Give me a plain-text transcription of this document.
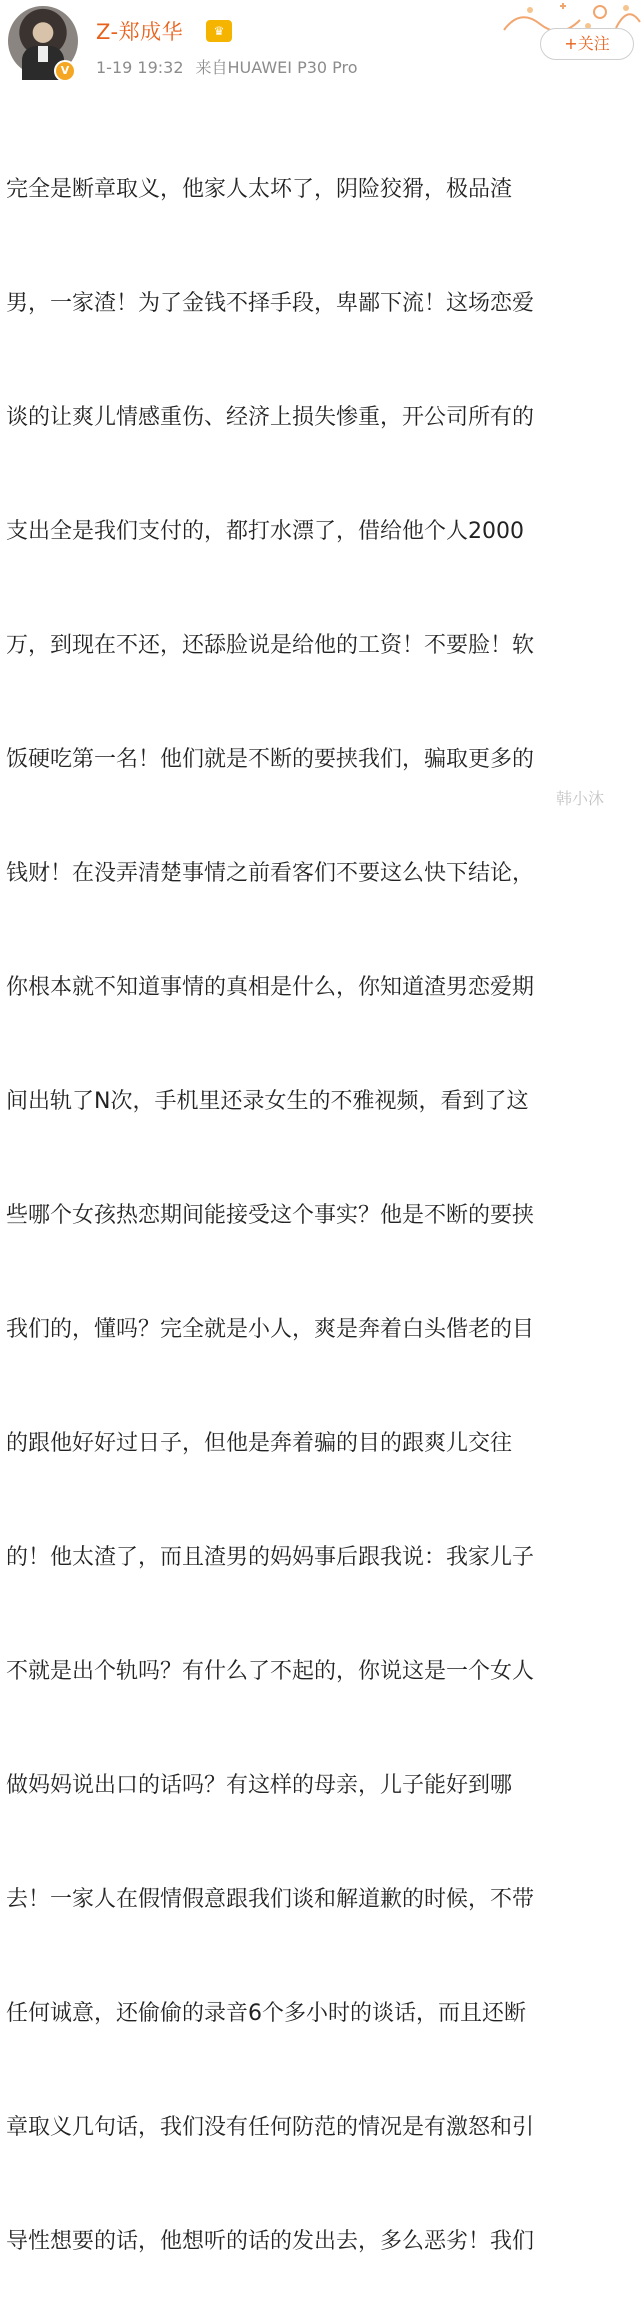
V
Z-郑成华	♛
1-19 19:32 来自HUAWEI P30 Pro
+关注

完全是断章取义，他家人太坏了，阴险狡猾，极品渣

男，一家渣！为了金钱不择手段，卑鄙下流！这场恋爱

谈的让爽儿情感重伤、经济上损失惨重，开公司所有的

支出全是我们支付的，都打水漂了，借给他个人2000

万，到现在不还，还舔脸说是给他的工资！不要脸！软

饭硬吃第一名！他们就是不断的要挟我们，骗取更多的

钱财！在没弄清楚事情之前看客们不要这么快下结论，

你根本就不知道事情的真相是什么，你知道渣男恋爱期

间出轨了N次，手机里还录女生的不雅视频，看到了这

些哪个女孩热恋期间能接受这个事实？他是不断的要挟

我们的，懂吗？完全就是小人，爽是奔着白头偕老的目

的跟他好好过日子，但他是奔着骗的目的跟爽儿交往

的！他太渣了，而且渣男的妈妈事后跟我说：我家儿子

不就是出个轨吗？有什么了不起的，你说这是一个女人

做妈妈说出口的话吗？有这样的母亲，儿子能好到哪

去！一家人在假情假意跟我们谈和解道歉的时候，不带

任何诚意，还偷偷的录音6个多小时的谈话，而且还断

章取义几句话，我们没有任何防范的情况是有激怒和引

导性想要的话，他想听的话的发出去，多么恶劣！我们

韩小沐
